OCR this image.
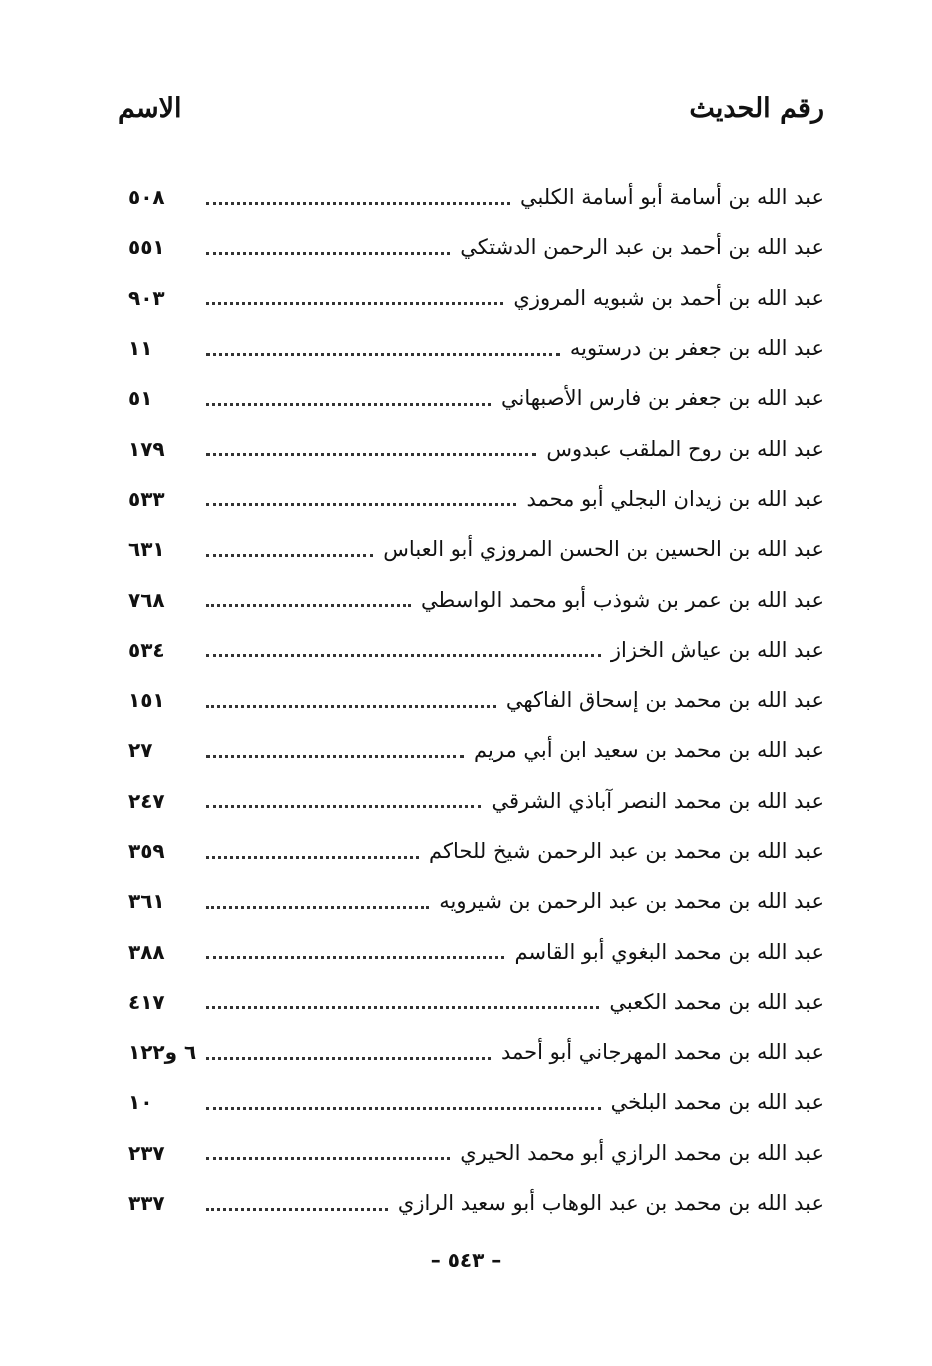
الاسم	رقم الحديث
٥٠٨	عبد الله بن أسامة أبو أسامة الكلبي
٥٥١	عبد الله بن أحمد بن عبد الرحمن الدشتكي
٩٠٣	عبد الله بن أحمد بن شبويه المروزي
١١	عبد الله بن جعفر بن درستويه
٥١	عبد الله بن جعفر بن فارس الأصبهاني
١٧٩	عبد الله بن روح الملقب عبدوس
٥٣٣	عبد الله بن زيدان البجلي أبو محمد
٦٣١	عبد الله بن الحسين بن الحسن المروزي أبو العباس
٧٦٨	عبد الله بن عمر بن شوذب أبو محمد الواسطي
٥٣٤	عبد الله بن عياش الخزاز
١٥١	عبد الله بن محمد بن إسحاق الفاكهي
٢٧	عبد الله بن محمد بن سعيد ابن أبي مريم
٢٤٧	عبد الله بن محمد النصر آباذي الشرقي
٣٥٩	عبد الله بن محمد بن عبد الرحمن شيخ للحاكم
٣٦١	عبد الله بن محمد بن عبد الرحمن بن شيرويه
٣٨٨	عبد الله بن محمد البغوي أبو القاسم
٤١٧	عبد الله بن محمد الكعبي
٦ و١٢٢	عبد الله بن محمد المهرجاني أبو أحمد
١٠	عبد الله بن محمد البلخي
٢٣٧	عبد الله بن محمد الرازي أبو محمد الحيري
٣٣٧	عبد الله بن محمد بن عبد الوهاب أبو سعيد الرازي
– ٥٤٣ –
